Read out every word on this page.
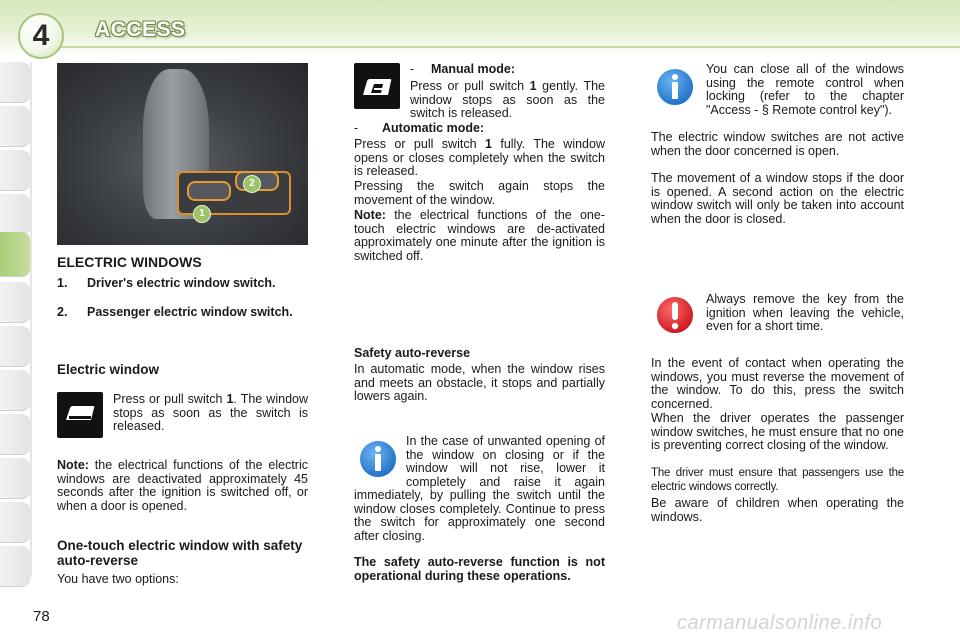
4	ACCESS
1
2
ELECTRIC WINDOWS
1.	Driver's electric window switch.
2.	Passenger electric window switch.
Electric window
Press or pull switch 1. The window stops as soon as the switch is released.
Note: the electrical functions of the electric windows are deactivated approximately 45 seconds after the ignition is switched off, or when a door is opened.
One-touch electric window with safety auto-reverse
You have two options:
-	Manual mode:
Press or pull switch 1 gently. The window stops as soon as the switch is released.
-	Automatic mode:
Press or pull switch 1 fully. The window opens or closes completely when the switch is released.
Pressing the switch again stops the movement of the window.
Note: the electrical functions of the one-touch electric windows are de-activated approximately one minute after the ignition is switched off.
Safety auto-reverse
In automatic mode, when the window rises and meets an obstacle, it stops and partially lowers again.
In the case of unwanted opening of the window on closing or if the window will not rise, lower it completely and raise it again immediately, by pulling the switch until the window closes completely. Continue to press the switch for approximately one second after closing.
The safety auto-reverse function is not operational during these operations.
You can close all of the windows using the remote control when locking (refer to the chapter "Access - § Remote control key").
The electric window switches are not active when the door concerned is open.
The movement of a window stops if the door is opened. A second action on the electric window switch will only be taken into account when the door is closed.
Always remove the key from the ignition when leaving the vehicle, even for a short time.
In the event of contact when operating the windows, you must reverse the movement of the window. To do this, press the switch concerned.
When the driver operates the passenger window switches, he must ensure that no one is preventing correct closing of the window.
The driver must ensure that passengers use the electric windows correctly.
Be aware of children when operating the windows.
78	carmanualsonline.info
